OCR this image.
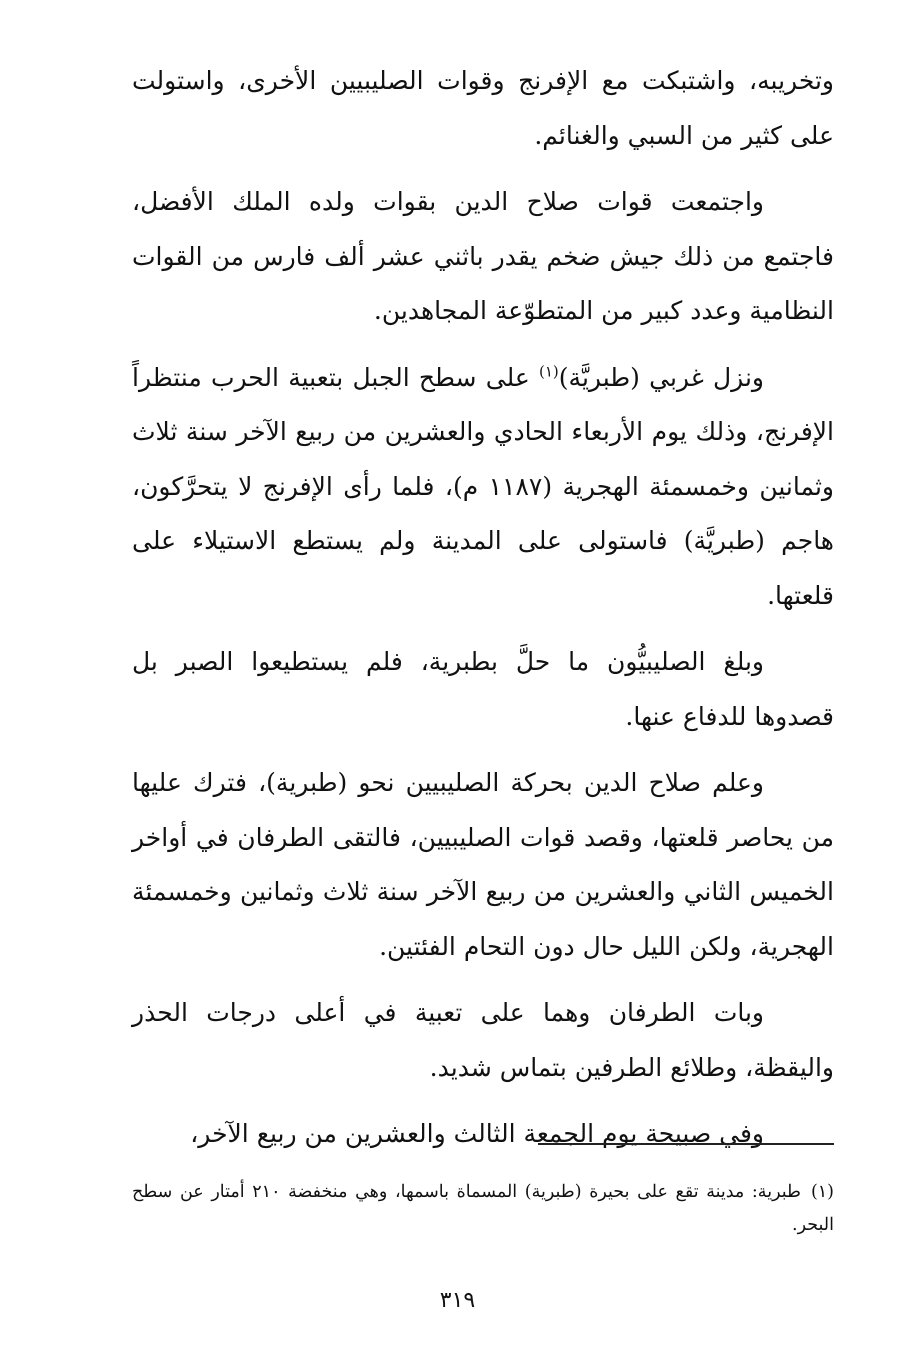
وتخريبه، واشتبكت مع الإفرنج وقوات الصليبيين الأخرى، واستولت على كثير من السبي والغنائم.

واجتمعت قوات صلاح الدين بقوات ولده الملك الأفضل، فاجتمع من ذلك جيش ضخم يقدر باثني عشر ألف فارس من القوات النظامية وعدد كبير من المتطوّعة المجاهدين.

ونزل غربي (طبريَّة)$^{(١)}$ على سطح الجبل بتعبية الحرب منتظراً الإفرنج، وذلك يوم الأربعاء الحادي والعشرين من ربيع الآخر سنة ثلاث وثمانين وخمسمئة الهجرية (١١٨٧ م)، فلما رأى الإفرنج لا يتحرَّكون، هاجم (طبريَّة) فاستولى على المدينة ولم يستطع الاستيلاء على قلعتها.

وبلغ الصليبيُّون ما حلَّ بطبرية، فلم يستطيعوا الصبر بل قصدوها للدفاع عنها.

وعلم صلاح الدين بحركة الصليبيين نحو (طبرية)، فترك عليها من يحاصر قلعتها، وقصد قوات الصليبيين، فالتقى الطرفان في أواخر الخميس الثاني والعشرين من ربيع الآخر سنة ثلاث وثمانين وخمسمئة الهجرية، ولكن الليل حال دون التحام الفئتين.

وبات الطرفان وهما على تعبية في أعلى درجات الحذر واليقظة، وطلائع الطرفين بتماس شديد.

وفي صبيحة يوم الجمعة الثالث والعشرين من ربيع الآخر،

(١)طبرية: مدينة تقع على بحيرة (طبرية) المسماة باسمها، وهي منخفضة ٢١٠ أمتار عن سطح البحر.

٣١٩
